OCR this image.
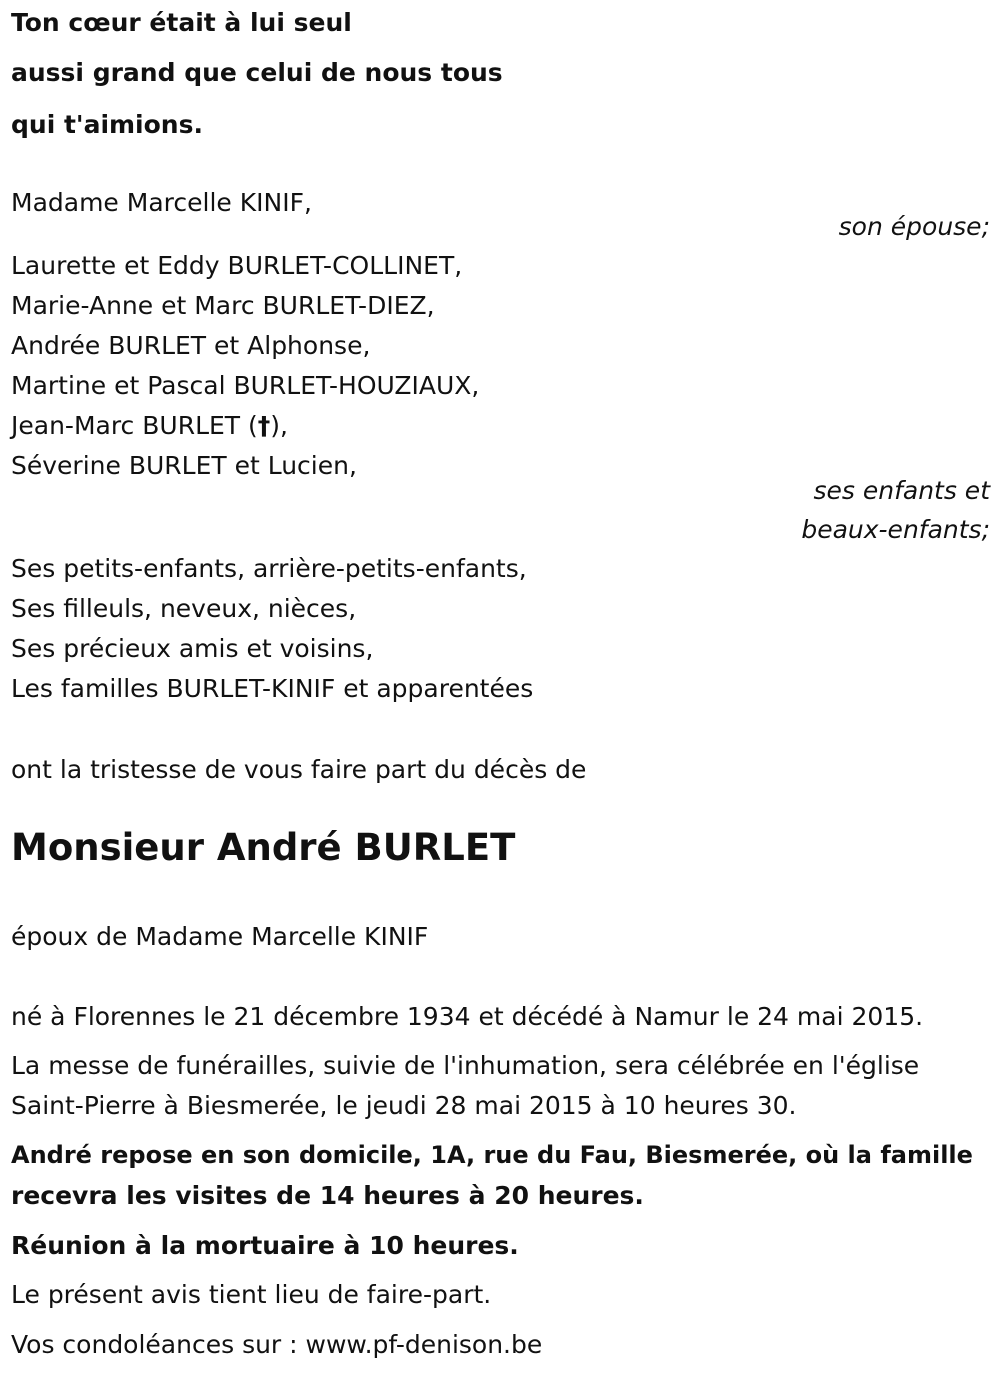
Ton cœur était à lui seul
aussi grand que celui de nous tous
qui t'aimions.
Madame Marcelle KINIF,
son épouse;
Laurette et Eddy BURLET-COLLINET,
Marie-Anne et Marc BURLET-DIEZ,
Andrée BURLET et Alphonse,
Martine et Pascal BURLET-HOUZIAUX,
Jean-Marc BURLET (†),
Séverine BURLET et Lucien,
ses enfants et
beaux-enfants;
Ses petits-enfants, arrière-petits-enfants,
Ses filleuls, neveux, nièces,
Ses précieux amis et voisins,
Les familles BURLET-KINIF et apparentées
ont la tristesse de vous faire part du décès de
Monsieur André BURLET
époux de Madame Marcelle KINIF
né à Florennes le 21 décembre 1934 et décédé à Namur le 24 mai 2015.
La messe de funérailles, suivie de l'inhumation, sera célébrée en l'église
Saint-Pierre à Biesmerée, le jeudi 28 mai 2015 à 10 heures 30.
André repose en son domicile, 1A, rue du Fau, Biesmerée, où la famille
recevra les visites de 14 heures à 20 heures.
Réunion à la mortuaire à 10 heures.
Le présent avis tient lieu de faire-part.
Vos condoléances sur : www.pf-denison.be
